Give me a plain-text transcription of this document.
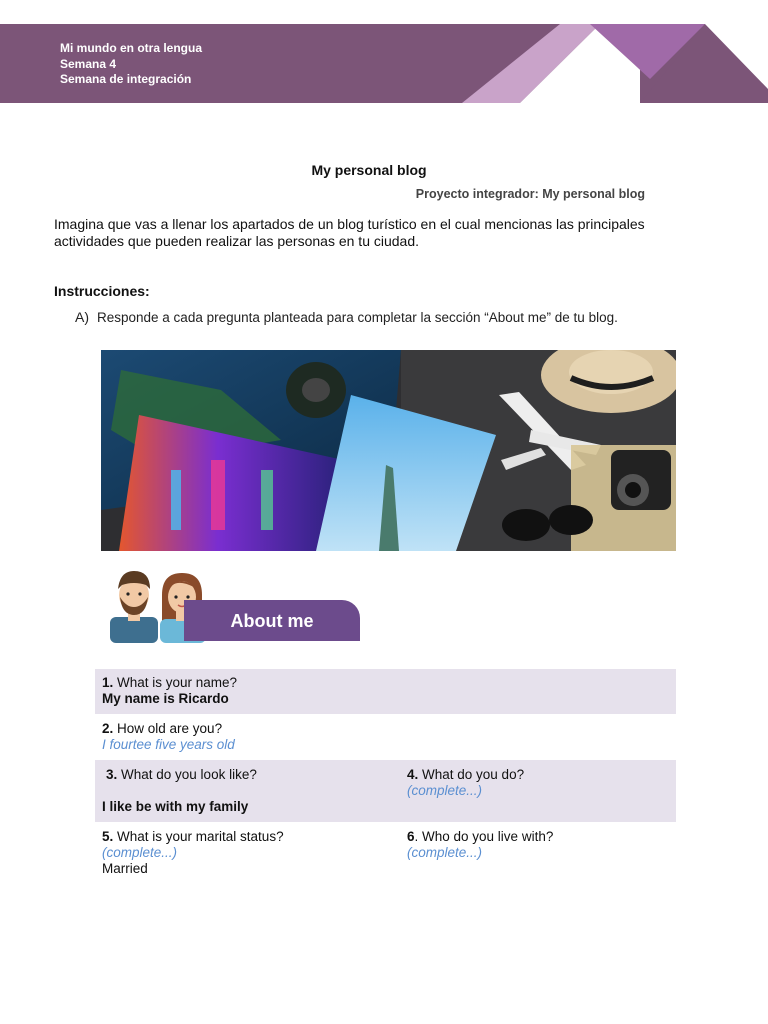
Mi mundo en otra lengua
Semana 4
Semana de integración
My personal blog
Proyecto integrador: My personal blog

Imagina que vas a llenar los apartados de un blog turístico en el cual mencionas las principales actividades que pueden realizar las personas en tu ciudad.

Instrucciones:
A) Responde a cada pregunta planteada para completar la sección “About me” de tu blog.
About me
1. What is your name?
My name is Ricardo
2. How old are you?
I fourtee five years old
3. What do you look like?
I like be with my family
4. What do you do?
(complete...)
5. What is your marital status?
(complete...)
Married
6. Who do you live with?
(complete...)
